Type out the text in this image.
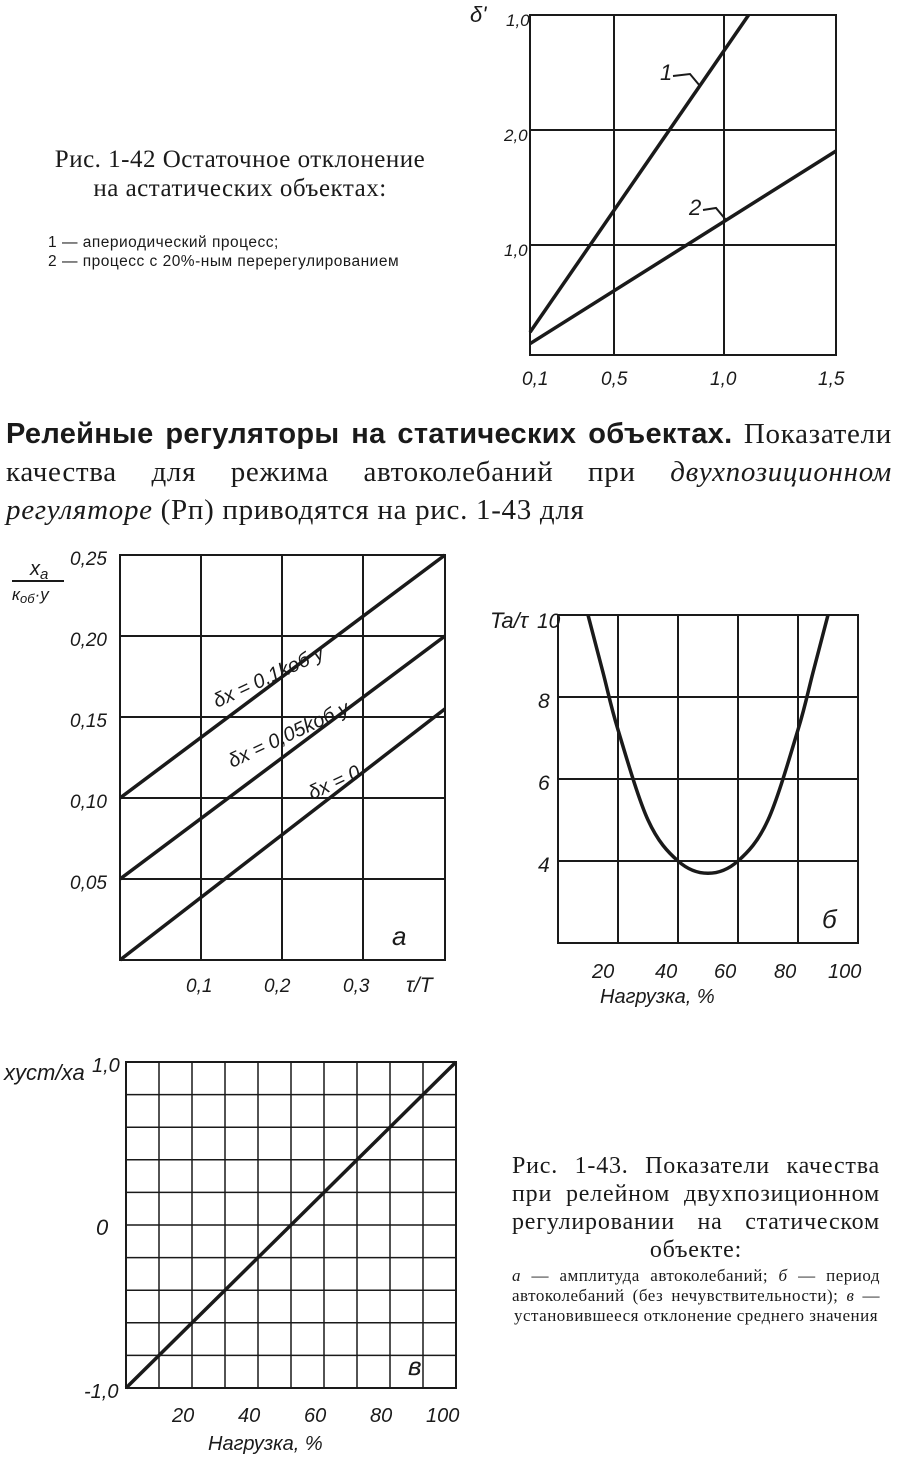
Рис. 1-42 Остаточное отклонение на астатических объектах:
1 — апериодический процесс;
2 — процесс с 20%-ным перерегулированием
δ' 1,0
2,0
1,0
0,1	0,5	1,0	1,5
1
2
Релейные регуляторы на статических объектах. Показатели качества для режима автоколебаний при двухпозиционном регуляторе (Рп) приводятся на рис. 1-43 для
$x_a$
коб·y
0,25
0,20
0,15
0,10
0,05
0,1	0,2	0,3 τ/T
а
δx = 0,1kоб y
δx = 0,05kоб y
δx = 0
Ta/τ 10
8
6
4
20 40 60 80 100
Нагрузка, %
б
xуст/xa 1,0
0
-1,0
20 40 60 80 100
Нагрузка, %
в
Рис. 1-43. Показатели качества при релейном двухпозиционном регулировании на статическом объекте:
а — амплитуда автоколебаний; б — период автоколебаний (без нечувствительности); в — установившееся отклонение среднего значения
